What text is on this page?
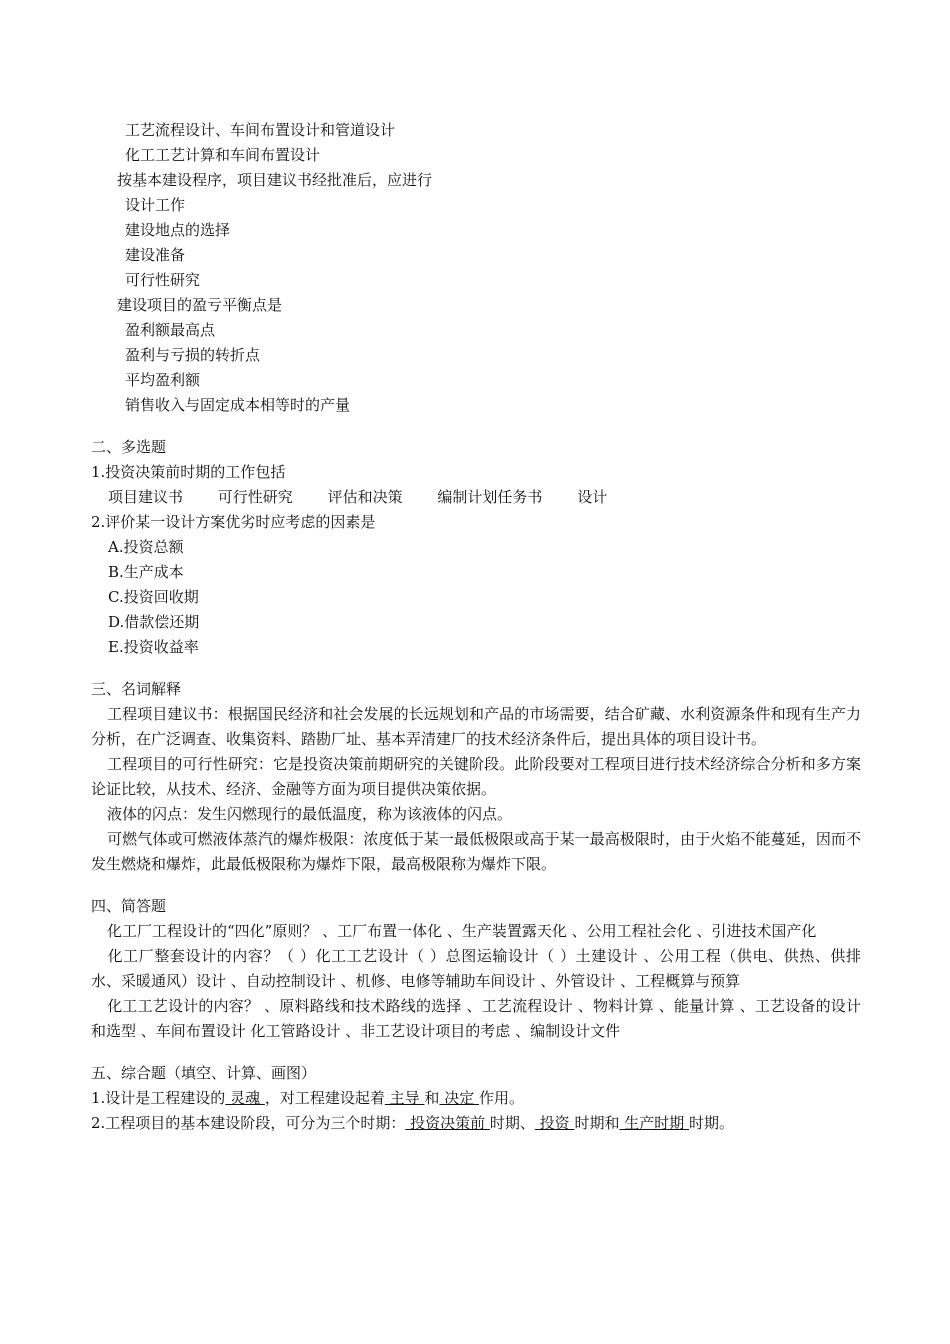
工艺流程设计、车间布置设计和管道设计
化工工艺计算和车间布置设计
按基本建设程序，项目建议书经批准后，应进行
设计工作
建设地点的选择
建设准备
可行性研究
建设项目的盈亏平衡点是
盈利额最高点
盈利与亏损的转折点
平均盈利额
销售收入与固定成本相等时的产量
二、多选题
1.投资决策前时期的工作包括
项目建议书 可行性研究 评估和决策 编制计划任务书 设计
2.评价某一设计方案优劣时应考虑的因素是
A.投资总额
B.生产成本
C.投资回收期
D.借款偿还期
E.投资收益率
三、名词解释
工程项目建议书：根据国民经济和社会发展的长远规划和产品的市场需要，结合矿藏、水利资源条件和现有生产力分析，在广泛调查、收集资料、踏勘厂址、基本弄清建厂的技术经济条件后，提出具体的项目设计书。
工程项目的可行性研究：它是投资决策前期研究的关键阶段。此阶段要对工程项目进行技术经济综合分析和多方案论证比较，从技术、经济、金融等方面为项目提供决策依据。
液体的闪点：发生闪燃现行的最低温度，称为该液体的闪点。
可燃气体或可燃液体蒸汽的爆炸极限：浓度低于某一最低极限或高于某一最高极限时，由于火焰不能蔓延，因而不发生燃烧和爆炸，此最低极限称为爆炸下限，最高极限称为爆炸下限。
四、简答题
化工厂工程设计的“四化”原则？ 、工厂布置一体化 、生产装置露天化 、公用工程社会化 、引进技术国产化
化工厂整套设计的内容？（ ）化工工艺设计（ ）总图运输设计（ ）土建设计 、公用工程（供电、供热、供排水、采暖通风）设计 、自动控制设计 、机修、电修等辅助车间设计 、外管设计 、工程概算与预算
化工工艺设计的内容？ 、原料路线和技术路线的选择 、工艺流程设计 、物料计算 、能量计算 、工艺设备的设计和选型 、车间布置设计 化工管路设计 、非工艺设计项目的考虑 、编制设计文件
五、综合题（填空、计算、画图）
1.设计是工程建设的 灵魂 ，对工程建设起着 主导 和 决定 作用。
2.工程项目的基本建设阶段，可分为三个时期： 投资决策前 时期、 投资 时期和 生产时期 时期。
